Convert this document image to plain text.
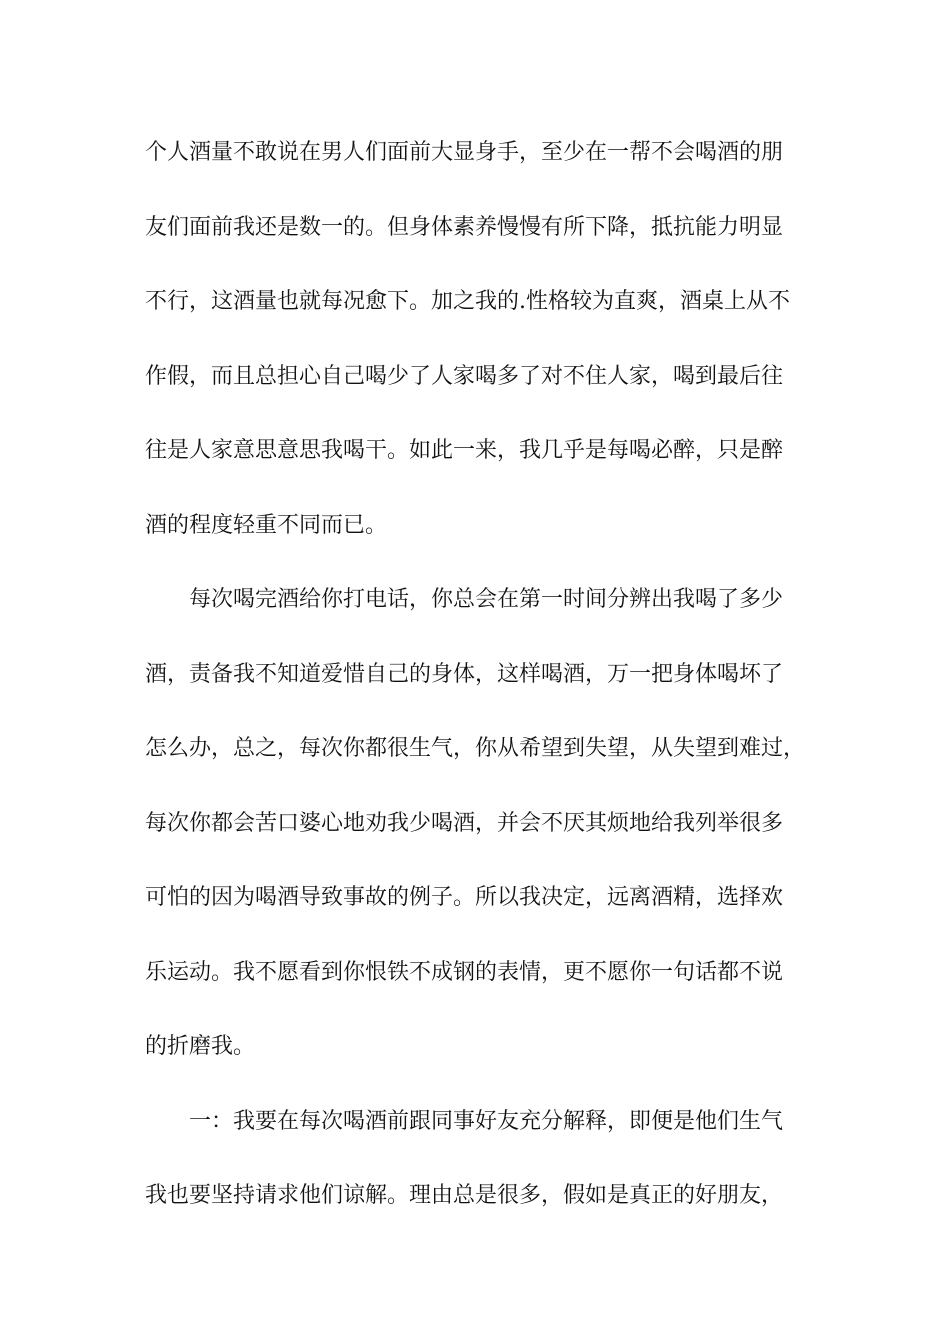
个人酒量不敢说在男人们面前大显身手，至少在一帮不会喝酒的朋
友们面前我还是数一的。但身体素养慢慢有所下降，抵抗能力明显
不行，这酒量也就每况愈下。加之我的.性格较为直爽，酒桌上从不
作假，而且总担心自己喝少了人家喝多了对不住人家，喝到最后往
往是人家意思意思我喝干。如此一来，我几乎是每喝必醉，只是醉
酒的程度轻重不同而已。
每次喝完酒给你打电话，你总会在第一时间分辨出我喝了多少
酒，责备我不知道爱惜自己的身体，这样喝酒，万一把身体喝坏了
怎么办，总之，每次你都很生气，你从希望到失望，从失望到难过，
每次你都会苦口婆心地劝我少喝酒，并会不厌其烦地给我列举很多
可怕的因为喝酒导致事故的例子。所以我决定，远离酒精，选择欢
乐运动。我不愿看到你恨铁不成钢的表情，更不愿你一句话都不说
的折磨我。
一：我要在每次喝酒前跟同事好友充分解释，即便是他们生气
我也要坚持请求他们谅解。理由总是很多，假如是真正的好朋友，
